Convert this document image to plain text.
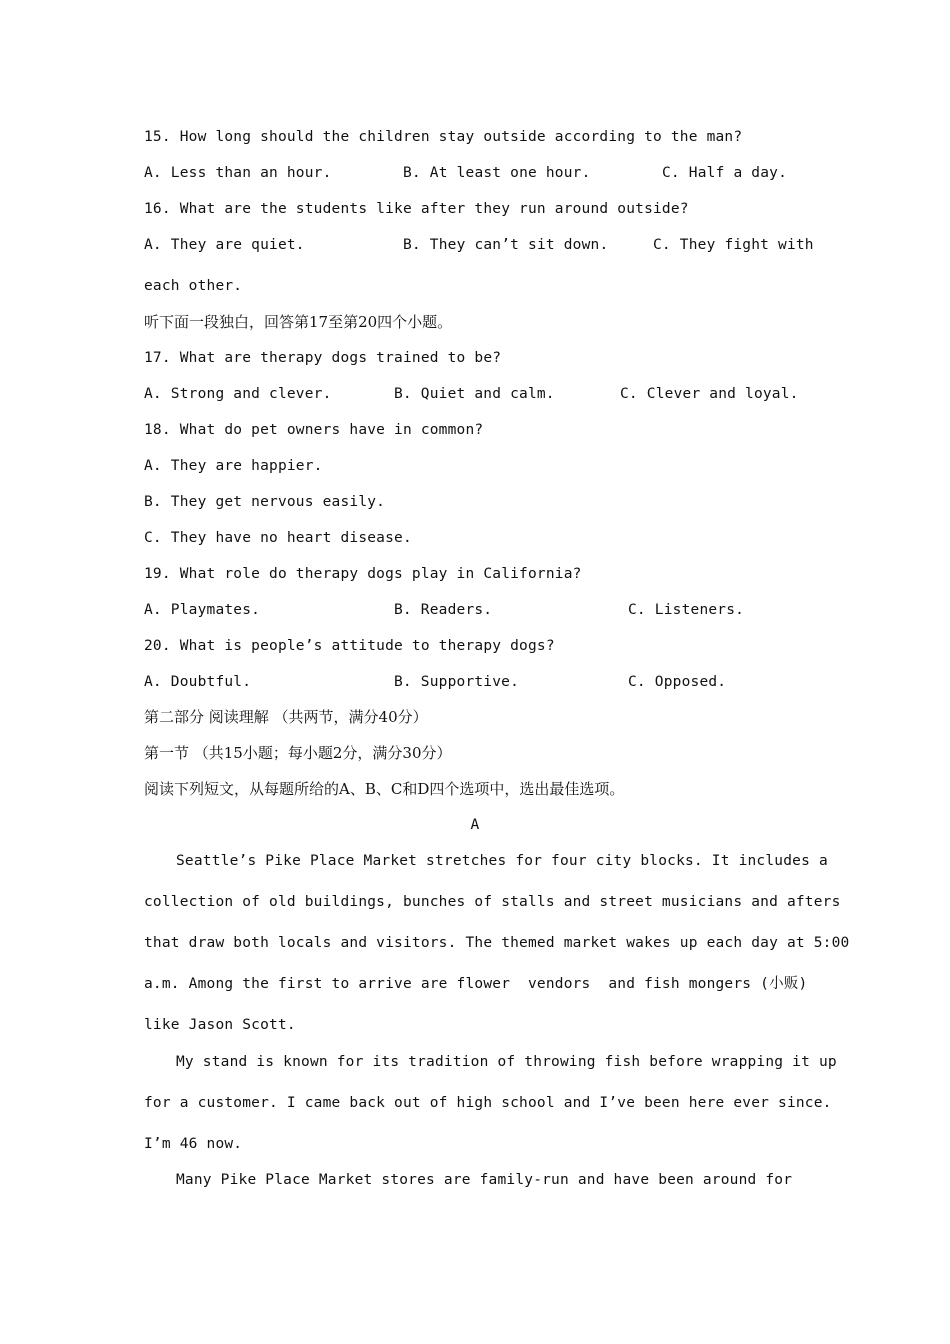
15. How long should the children stay outside according to the man?
A. Less than an hour.	B. At least one hour.	C. Half a day.
16. What are the students like after they run around outside?
A. They are quiet.	B. They can’t sit down.	C. They fight with
each other.
听下面一段独白，回答第17至第20四个小题。
17. What are therapy dogs trained to be?
A. Strong and clever.	B. Quiet and calm.	C. Clever and loyal.
18. What do pet owners have in common?
A. They are happier.
B. They get nervous easily.
C. They have no heart disease.
19. What role do therapy dogs play in California?
A. Playmates.	B. Readers.	C. Listeners.
20. What is people’s attitude to therapy dogs?
A. Doubtful.	B. Supportive.	C. Opposed.
第二部分 阅读理解 （共两节，满分40分）
第一节 （共15小题；每小题2分，满分30分）
阅读下列短文，从每题所给的A、B、C和D四个选项中，选出最佳选项。
A
Seattle’s Pike Place Market stretches for four city blocks. It includes a
collection of old buildings, bunches of stalls and street musicians and afters
that draw both locals and visitors. The themed market wakes up each day at 5:00
a.m. Among the first to arrive are flower  vendors  and fish mongers (小贩)
like Jason Scott.
My stand is known for its tradition of throwing fish before wrapping it up
for a customer. I came back out of high school and I’ve been here ever since.
I’m 46 now.
Many Pike Place Market stores are family-run and have been around for
